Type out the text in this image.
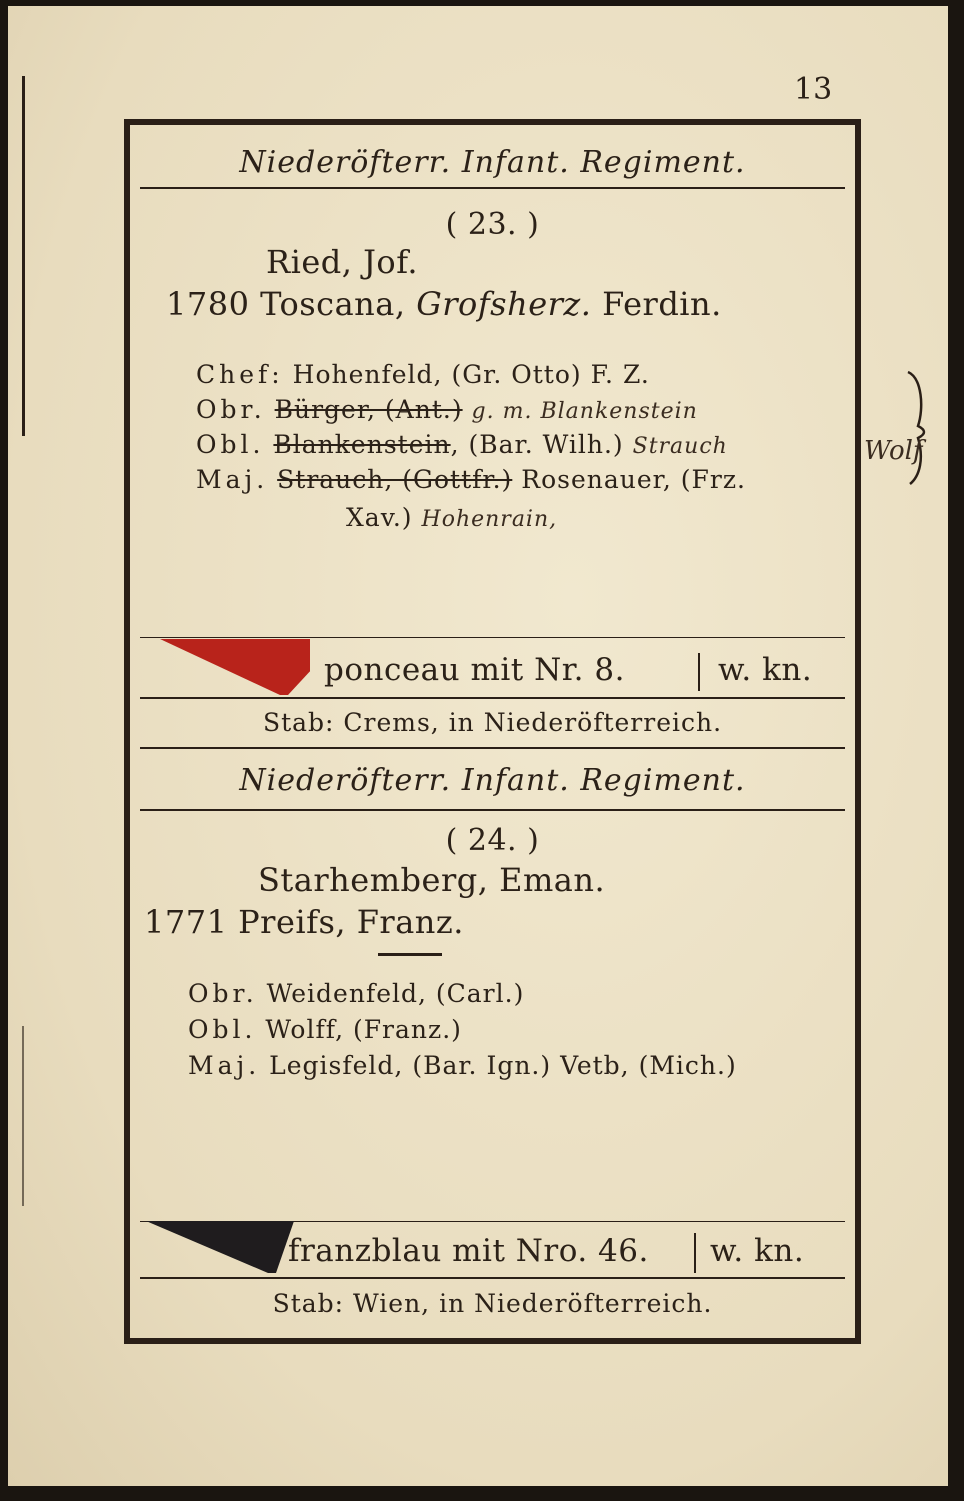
13
Niederöfterr. Infant. Regiment.
( 23. )
Ried, Jof.
1780 Toscana, Grofsherz. Ferdin.
Chef: Hohenfeld, (Gr. Otto) F. Z.
Obr. Bürger, (Ant.) g. m. Blankenstein
Obl. Blankenstein, (Bar. Wilh.) Strauch
Maj. Strauch, (Gottfr.) Rosenauer, (Frz.
Xav.) Hohenrain,
ponceau mit Nr. 8.	w. kn.
Stab: Crems, in Niederöfterreich.
Niederöfterr. Infant. Regiment.
( 24. )
Starhemberg, Eman.
1771 Preifs, Franz.
Obr. Weidenfeld, (Carl.)
Obl. Wolff, (Franz.)
Maj. Legisfeld, (Bar. Ign.) Vetb, (Mich.)
franzblau mit Nro. 46. w. kn.
Stab: Wien, in Niederöfterreich.
Wolf
